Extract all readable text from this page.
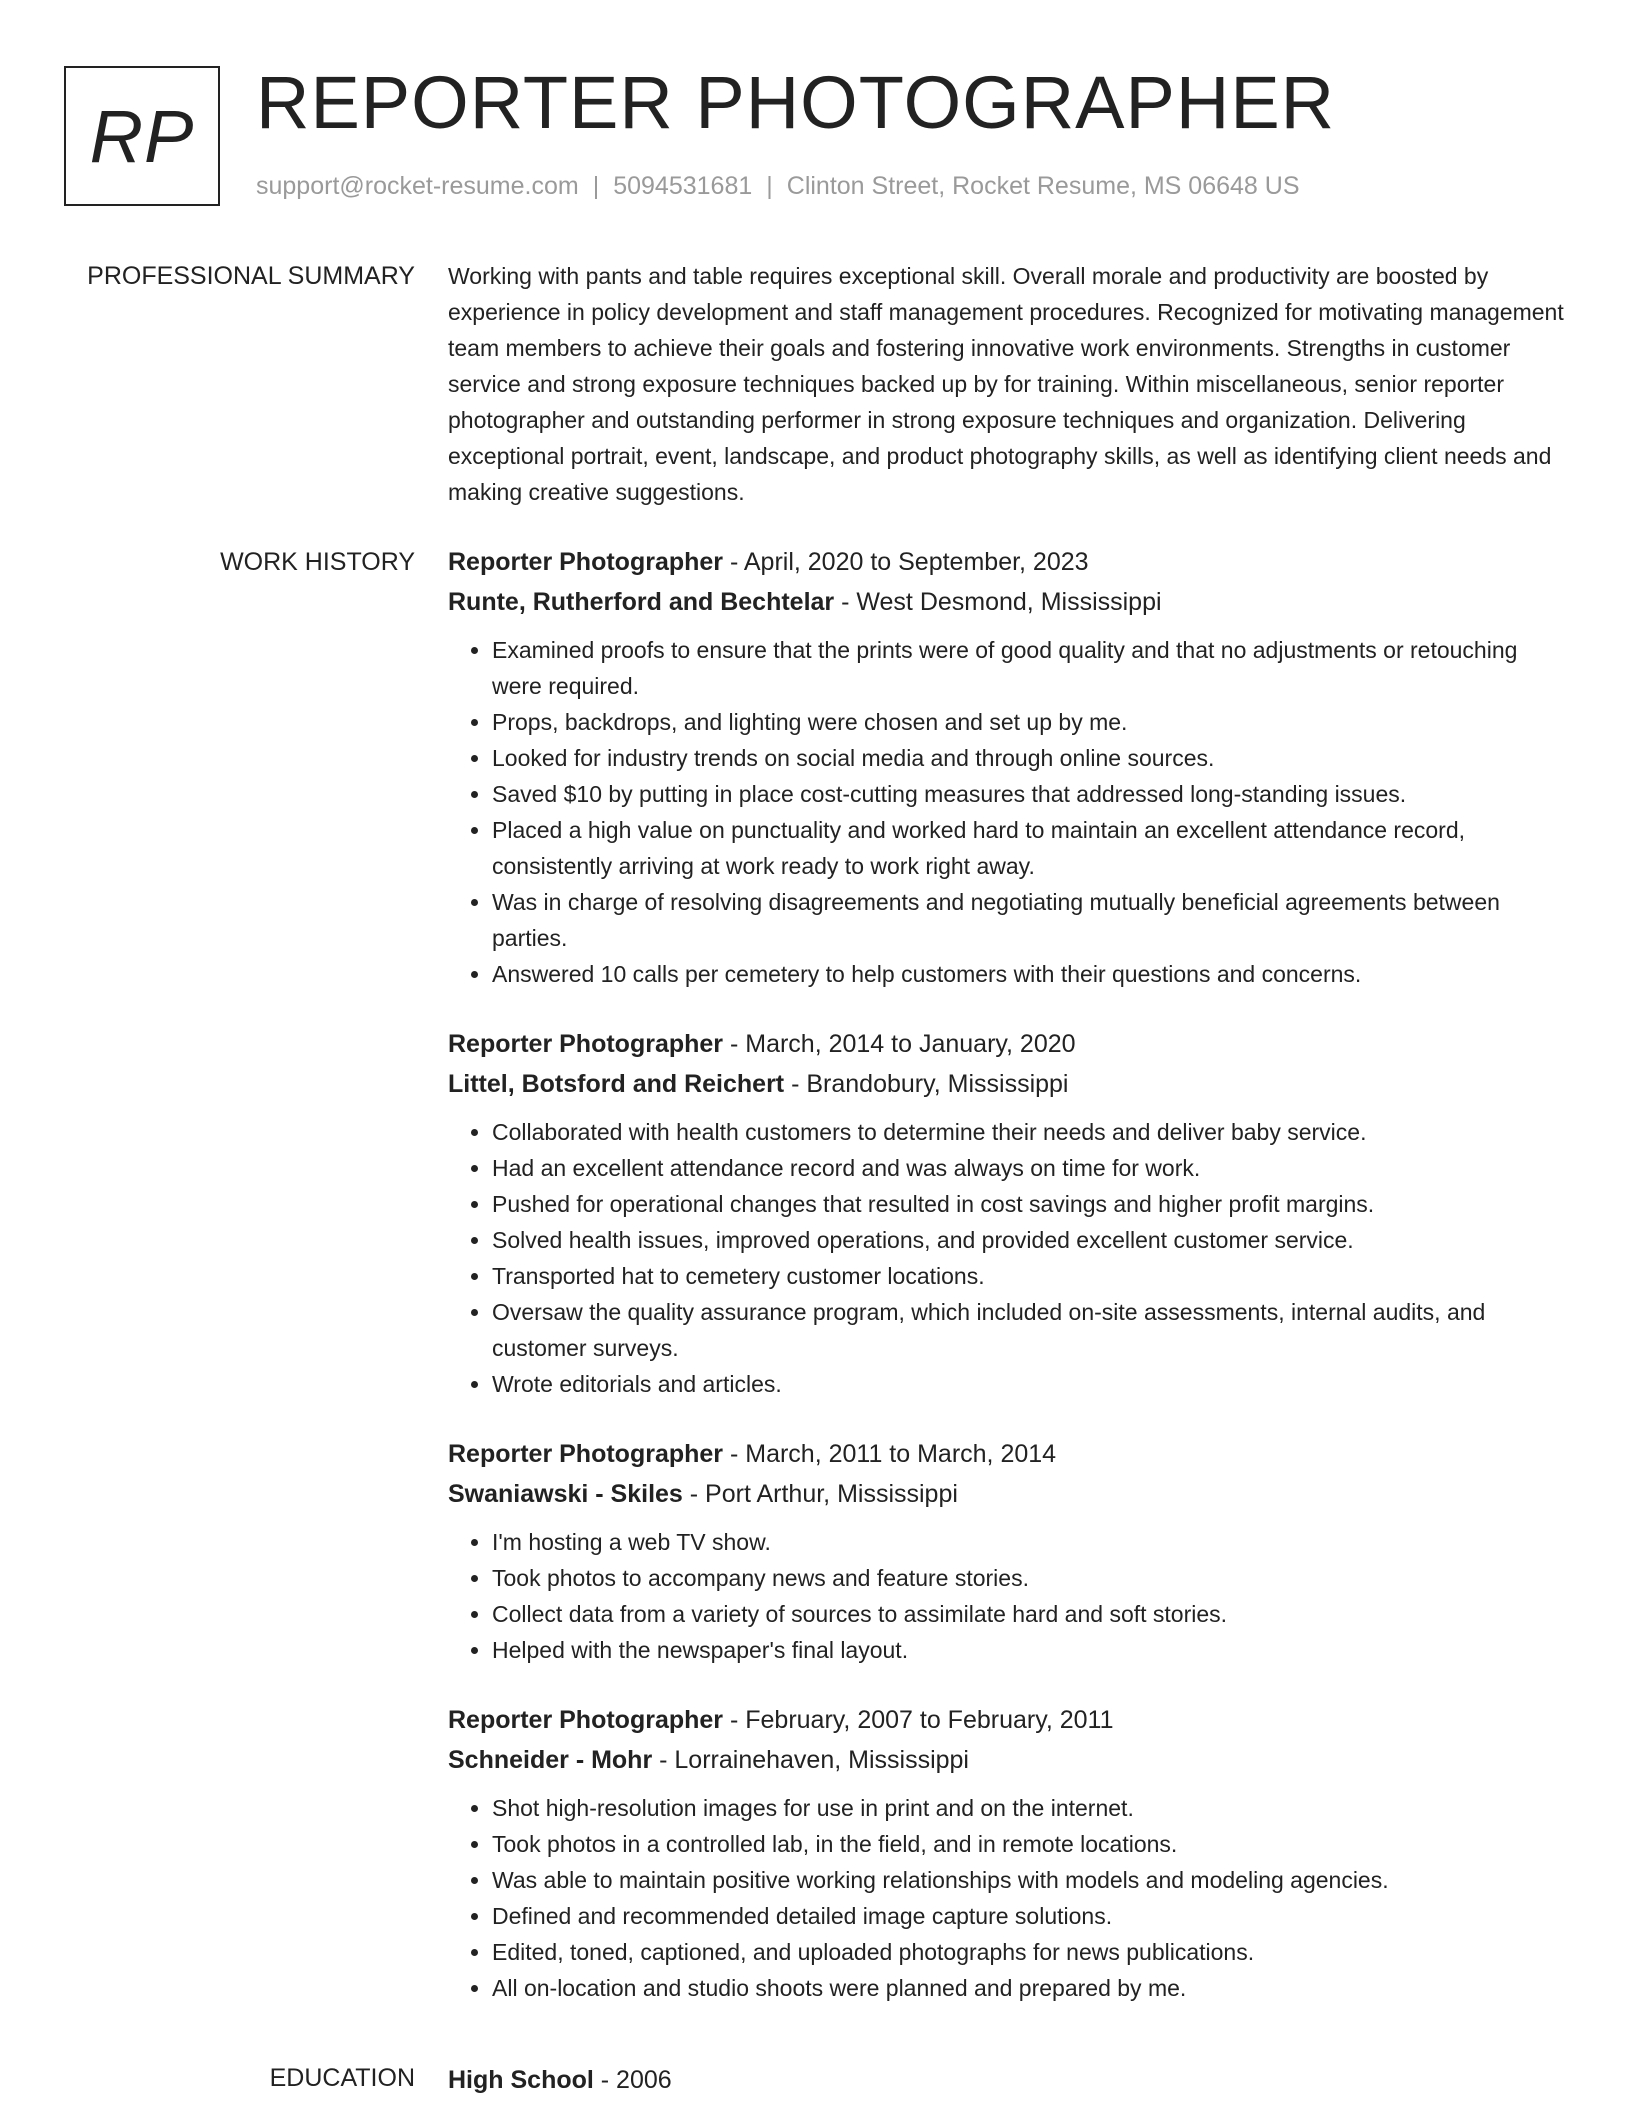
RP REPORTER PHOTOGRAPHER
support@rocket-resume.com | 5094531681 | Clinton Street, Rocket Resume, MS 06648 US
PROFESSIONAL SUMMARY Working with pants and table requires exceptional skill. Overall morale and productivity are boosted by experience in policy development and staff management procedures. Recognized for motivating management team members to achieve their goals and fostering innovative work environments. Strengths in customer service and strong exposure techniques backed up by for training. Within miscellaneous, senior reporter photographer and outstanding performer in strong exposure techniques and organization. Delivering exceptional portrait, event, landscape, and product photography skills, as well as identifying client needs and making creative suggestions.

WORK HISTORY Reporter Photographer - April, 2020 to September, 2023
Runte, Rutherford and Bechtelar - West Desmond, Mississippi
• Examined proofs to ensure that the prints were of good quality and that no adjustments or retouching were required.
• Props, backdrops, and lighting were chosen and set up by me.
• Looked for industry trends on social media and through online sources.
• Saved $10 by putting in place cost-cutting measures that addressed long-standing issues.
• Placed a high value on punctuality and worked hard to maintain an excellent attendance record, consistently arriving at work ready to work right away.
• Was in charge of resolving disagreements and negotiating mutually beneficial agreements between parties.
• Answered 10 calls per cemetery to help customers with their questions and concerns.
Reporter Photographer - March, 2014 to January, 2020
Littel, Botsford and Reichert - Brandobury, Mississippi
• Collaborated with health customers to determine their needs and deliver baby service.
• Had an excellent attendance record and was always on time for work.
• Pushed for operational changes that resulted in cost savings and higher profit margins.
• Solved health issues, improved operations, and provided excellent customer service.
• Transported hat to cemetery customer locations.
• Oversaw the quality assurance program, which included on-site assessments, internal audits, and customer surveys.
• Wrote editorials and articles.
Reporter Photographer - March, 2011 to March, 2014
Swaniawski - Skiles - Port Arthur, Mississippi
• I'm hosting a web TV show.
• Took photos to accompany news and feature stories.
• Collect data from a variety of sources to assimilate hard and soft stories.
• Helped with the newspaper's final layout.
Reporter Photographer - February, 2007 to February, 2011
Schneider - Mohr - Lorrainehaven, Mississippi
• Shot high-resolution images for use in print and on the internet.
• Took photos in a controlled lab, in the field, and in remote locations.
• Was able to maintain positive working relationships with models and modeling agencies.
• Defined and recommended detailed image capture solutions.
• Edited, toned, captioned, and uploaded photographs for news publications.
• All on-location and studio shoots were planned and prepared by me.
EDUCATION High School - 2006
